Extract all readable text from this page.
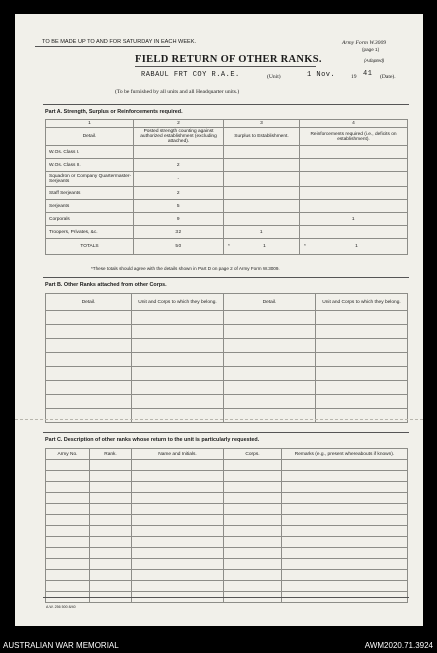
TO BE MADE UP TO AND FOR SATURDAY IN EACH WEEK.	Army Form W.3009
(page 1)
(Adapted)
FIELD RETURN OF OTHER RANKS.
RABAUL FRT COY R.A.E.	(Unit)	1 Nov.	19 41 (Date).
(To be furnished by all units and all Headquarter units.)
Part A. Strength, Surplus or Reinforcements required.
1	2	3	4
Detail.	Posted strength counting against authorized establishment (excluding attached).	Surplus to Establishment.	Reinforcements required (i.e., deficits on establishment).
W.Os. Class I.			
W.Os. Class II.	2		
Squadron or Company Quartermaster-Serjeants	-		
Staff Serjeants	2		
Serjeants	5		
Corporals	9		1
Troopers, Privates, &c.	32	1	
TOTALS	50	* 1	* 1
*These totals should agree with the details shown in Part D on page 2 of Army Form W.3009.
Part B. Other Ranks attached from other Corps.
Detail.	Unit and Corps to which they belong.	Detail.	Unit and Corps to which they belong.

Part C. Description of other ranks whose return to the unit is particularly requested.
Army No.	Rank.	Name and Initials.	Corps.	Remarks (e.g., present whereabouts if known).

A.W. 256 500 8/40
AUSTRALIAN WAR MEMORIAL	AWM2020.71.3924
